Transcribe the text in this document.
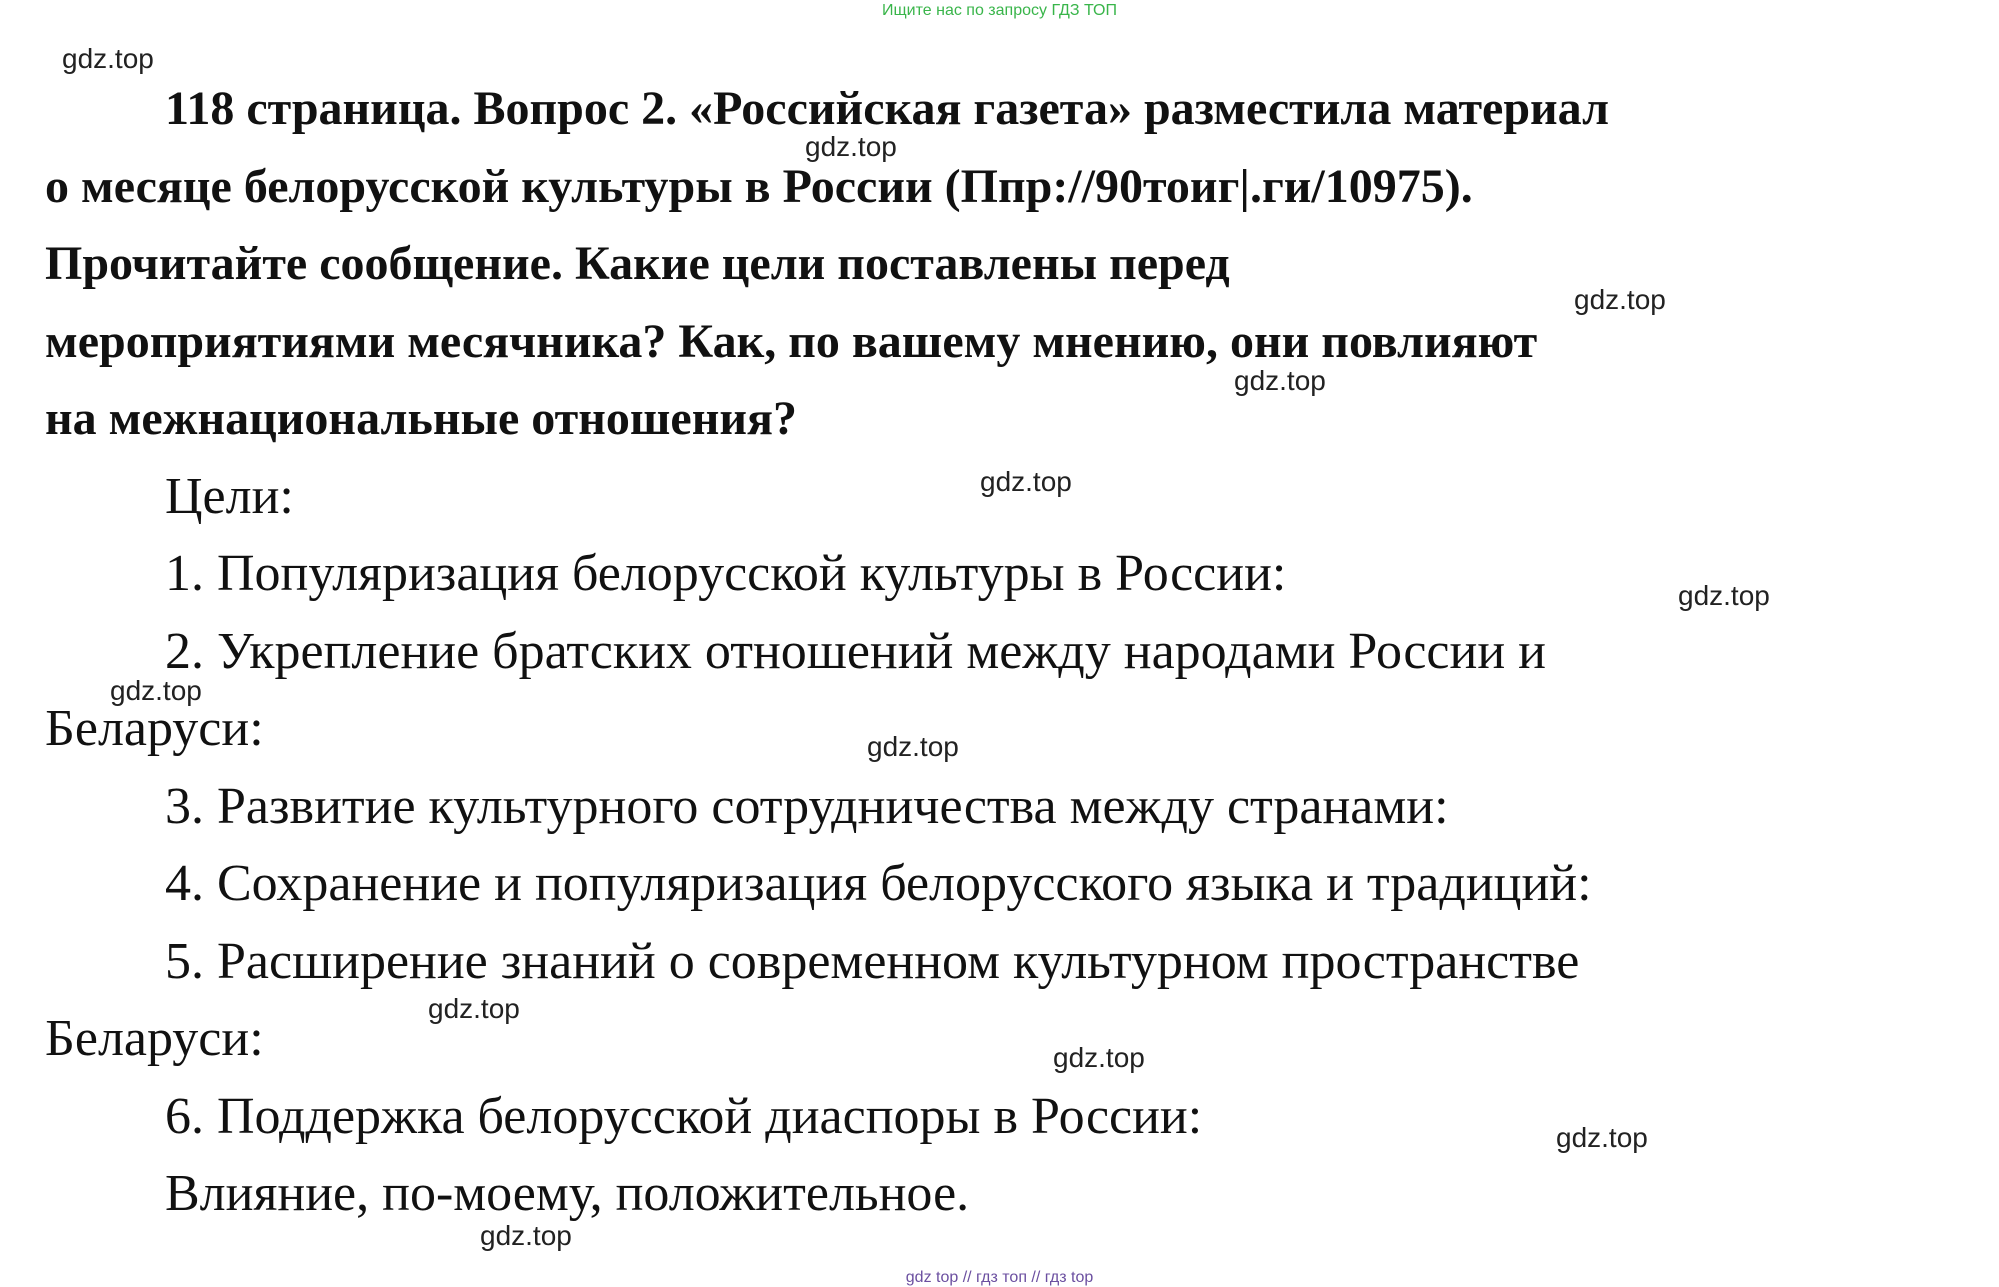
Ищите нас по запросу ГДЗ ТОП

118 страница. Вопрос 2. «Российская газета» разместила материал

о месяце белорусской культуры в России (Ппр://90тоиг|.ги/10975).

Прочитайте сообщение. Какие цели поставлены перед

мероприятиями месячника? Как, по вашему мнению, они повлияют

на межнациональные отношения?

Цели:

1. Популяризация белорусской культуры в России:

2. Укрепление братских отношений между народами России и

Беларуси:

3. Развитие культурного сотрудничества между странами:

4. Сохранение и популяризация белорусского языка и традиций:

5. Расширение знаний о современном культурном пространстве

Беларуси:

6. Поддержка белорусской диаспоры в России:

Влияние, по-моему, положительное.

gdz.top
gdz.top
gdz.top
gdz.top
gdz.top
gdz.top
gdz.top
gdz.top
gdz.top
gdz.top
gdz.top
gdz.top
gdz top // гдз топ // гдз top
